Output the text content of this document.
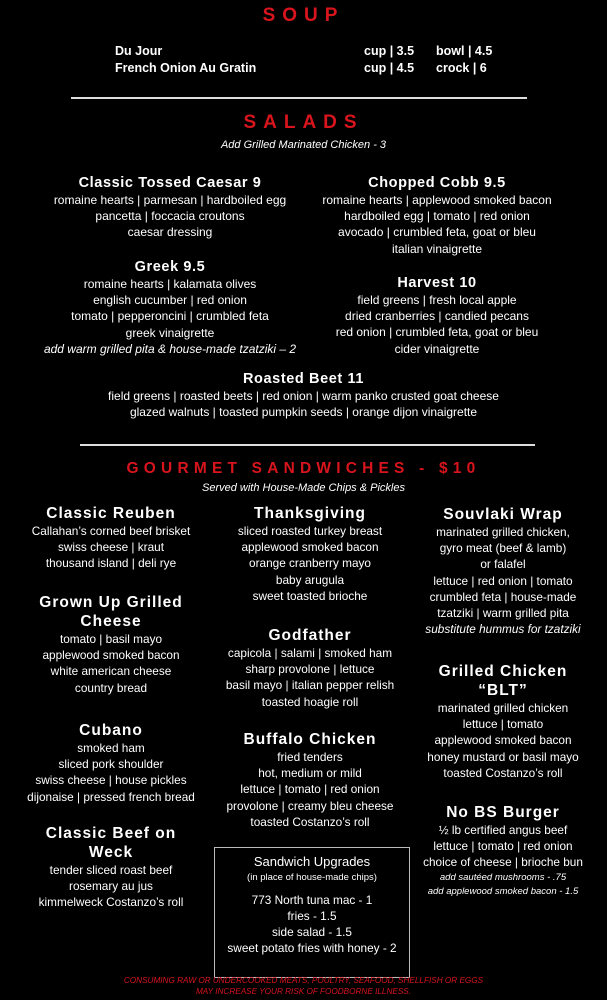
SOUP
Du Jour	cup | 3.5 bowl | 4.5
French Onion Au Gratin	cup | 4.5 crock | 6
SALADS
Add Grilled Marinated Chicken - 3
Classic Tossed Caesar 9
romaine hearts | parmesan | hardboiled egg
pancetta | foccacia croutons
caesar dressing
Chopped Cobb 9.5
romaine hearts | applewood smoked bacon
hardboiled egg | tomato | red onion
avocado | crumbled feta, goat or bleu
italian vinaigrette
Greek 9.5
romaine hearts | kalamata olives
english cucumber | red onion
tomato | pepperoncini | crumbled feta
greek vinaigrette
add warm grilled pita & house-made tzatziki – 2
Harvest 10
field greens | fresh local apple
dried cranberries | candied pecans
red onion | crumbled feta, goat or bleu
cider vinaigrette
Roasted Beet 11
field greens | roasted beets | red onion | warm panko crusted goat cheese
glazed walnuts | toasted pumpkin seeds | orange dijon vinaigrette
GOURMET SANDWICHES - $10
Served with House-Made Chips & Pickles
Classic Reuben
Callahan’s corned beef brisket
swiss cheese | kraut
thousand island | deli rye
Grown Up Grilled Cheese
tomato | basil mayo
applewood smoked bacon
white american cheese
country bread
Cubano
smoked ham
sliced pork shoulder
swiss cheese | house pickles
dijonaise | pressed french bread
Classic Beef on Weck
tender sliced roast beef
rosemary au jus
kimmelweck Costanzo’s roll
Thanksgiving
sliced roasted turkey breast
applewood smoked bacon
orange cranberry mayo
baby arugula
sweet toasted brioche
Godfather
capicola | salami | smoked ham
sharp provolone | lettuce
basil mayo | italian pepper relish
toasted hoagie roll
Buffalo Chicken
fried tenders
hot, medium or mild
lettuce | tomato | red onion
provolone | creamy bleu cheese
toasted Costanzo’s roll
Souvlaki Wrap
marinated grilled chicken,
gyro meat (beef & lamb)
or falafel
lettuce | red onion | tomato
crumbled feta | house-made
tzatziki | warm grilled pita
substitute hummus for tzatziki
Grilled Chicken “BLT”
marinated grilled chicken
lettuce | tomato
applewood smoked bacon
honey mustard or basil mayo
toasted Costanzo’s roll
No BS Burger
½ lb certified angus beef
lettuce | tomato | red onion
choice of cheese | brioche bun
add sautéed mushrooms - .75
add applewood smoked bacon - 1.5
Sandwich Upgrades
(in place of house-made chips)
773 North tuna mac - 1
fries - 1.5
side salad - 1.5
sweet potato fries with honey - 2
CONSUMING RAW OR UNDERCOOKED MEATS, POULTRY, SEAFOOD, SHELLFISH OR EGGS
MAY INCREASE YOUR RISK OF FOODBORNE ILLNESS.
